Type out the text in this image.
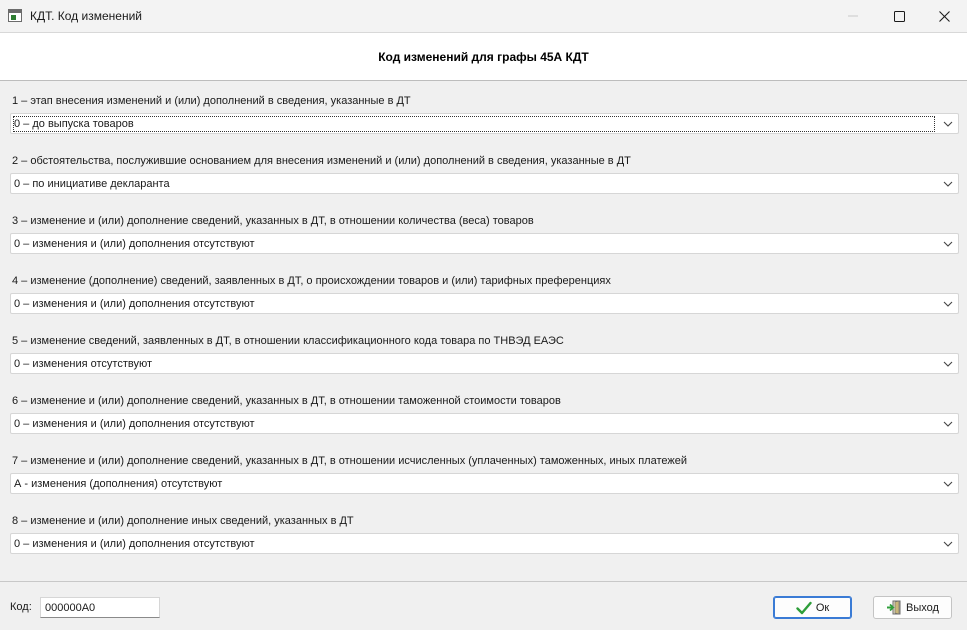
КДТ. Код изменений
Код изменений для графы 45А КДТ
1 – этап внесения изменений и (или) дополнений в сведения, указанные в ДТ
0 – до выпуска товаров
2 – обстоятельства, послужившие основанием для внесения изменений и (или) дополнений в сведения, указанные в ДТ
0 – по инициативе декларанта
3 – изменение и (или) дополнение сведений, указанных в ДТ, в отношении количества (веса) товаров
0 – изменения и (или) дополнения отсутствуют
4 – изменение (дополнение) сведений, заявленных в ДТ, о происхождении товаров и (или) тарифных преференциях
0 – изменения и (или) дополнения отсутствуют
5 – изменение сведений, заявленных в ДТ, в отношении классификационного кода товара по ТНВЭД ЕАЭС
0 – изменения отсутствуют
6 – изменение и (или) дополнение сведений, указанных в ДТ, в отношении таможенной стоимости товаров
0 – изменения и (или) дополнения отсутствуют
7 – изменение и (или) дополнение сведений, указанных в ДТ, в отношении исчисленных (уплаченных) таможенных, иных платежей
А - изменения (дополнения) отсутствуют
8 – изменение и (или) дополнение иных сведений, указанных в ДТ
0 – изменения и (или) дополнения отсутствуют
Код:
000000А0	Ок	Выход
